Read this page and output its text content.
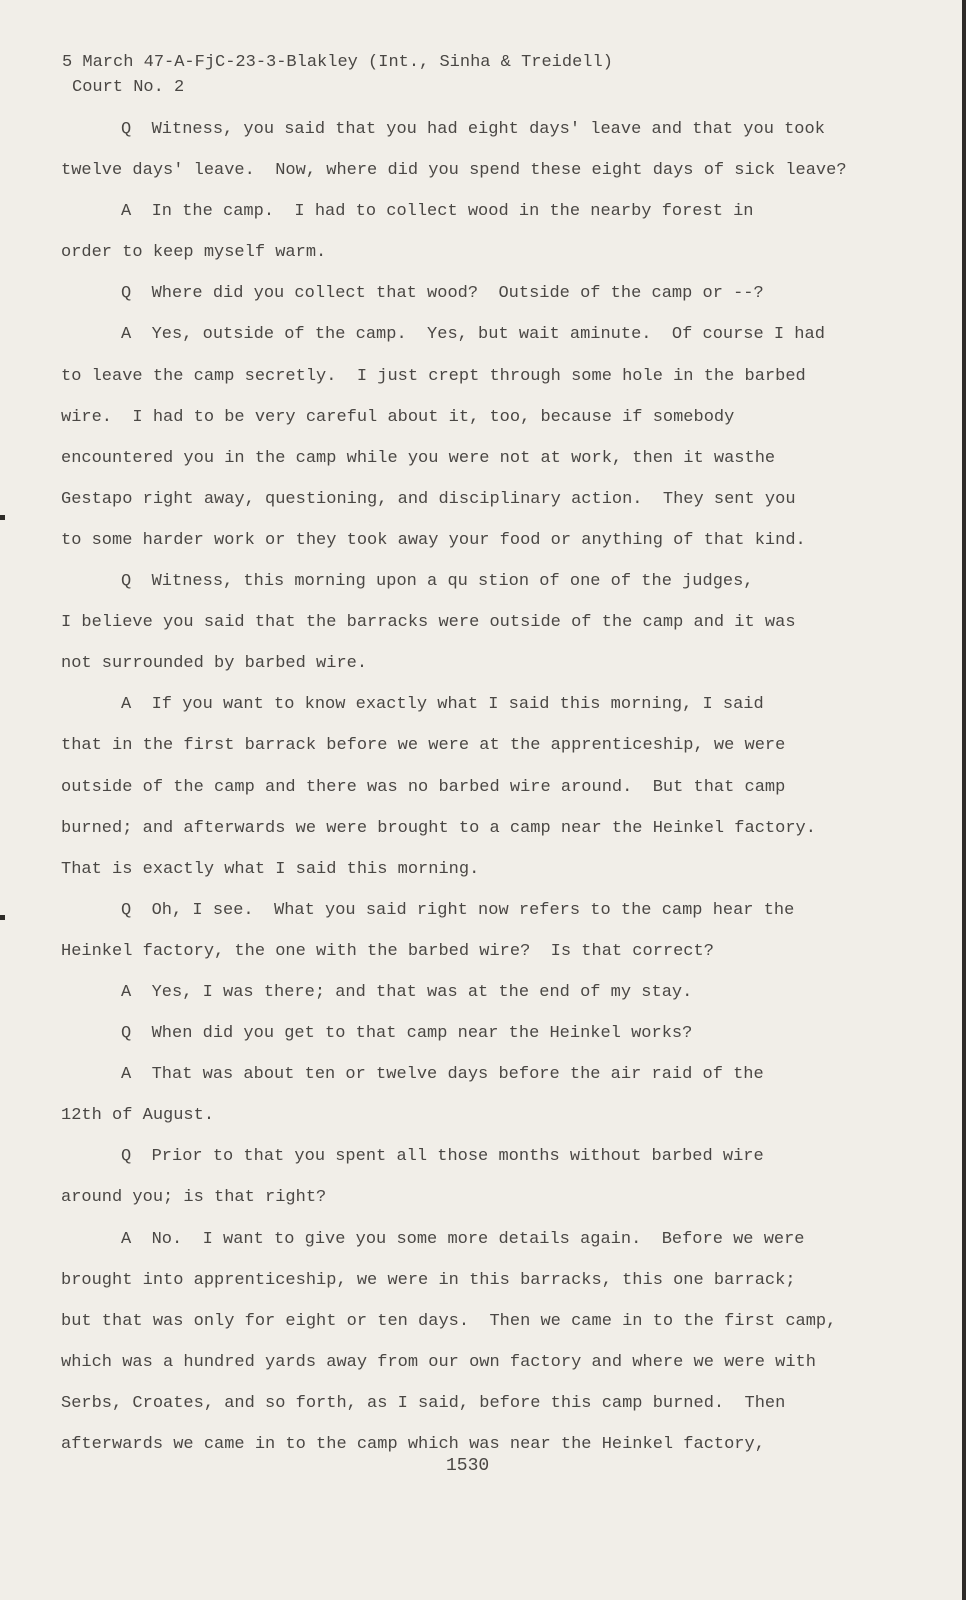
5 March 47-A-FjC-23-3-Blakley (Int., Sinha & Treidell)
Court No. 2
Q  Witness, you said that you had eight days' leave and that you took
twelve days' leave.  Now, where did you spend these eight days of sick leave?
A  In the camp.  I had to collect wood in the nearby forest in
order to keep myself warm.
Q  Where did you collect that wood?  Outside of the camp or --?
A  Yes, outside of the camp.  Yes, but wait aminute.  Of course I had
to leave the camp secretly.  I just crept through some hole in the barbed
wire.  I had to be very careful about it, too, because if somebody
encountered you in the camp while you were not at work, then it wasthe
Gestapo right away, questioning, and disciplinary action.  They sent you
to some harder work or they took away your food or anything of that kind.
Q  Witness, this morning upon a qu stion of one of the judges,
I believe you said that the barracks were outside of the camp and it was
not surrounded by barbed wire.
A  If you want to know exactly what I said this morning, I said
that in the first barrack before we were at the apprenticeship, we were
outside of the camp and there was no barbed wire around.  But that camp
burned; and afterwards we were brought to a camp near the Heinkel factory.
That is exactly what I said this morning.
Q  Oh, I see.  What you said right now refers to the camp hear the
Heinkel factory, the one with the barbed wire?  Is that correct?
A  Yes, I was there; and that was at the end of my stay.
Q  When did you get to that camp near the Heinkel works?
A  That was about ten or twelve days before the air raid of the
12th of August.
Q  Prior to that you spent all those months without barbed wire
around you; is that right?
A  No.  I want to give you some more details again.  Before we were
brought into apprenticeship, we were in this barracks, this one barrack;
but that was only for eight or ten days.  Then we came in to the first camp,
which was a hundred yards away from our own factory and where we were with
Serbs, Croates, and so forth, as I said, before this camp burned.  Then
afterwards we came in to the camp which was near the Heinkel factory,
1530
